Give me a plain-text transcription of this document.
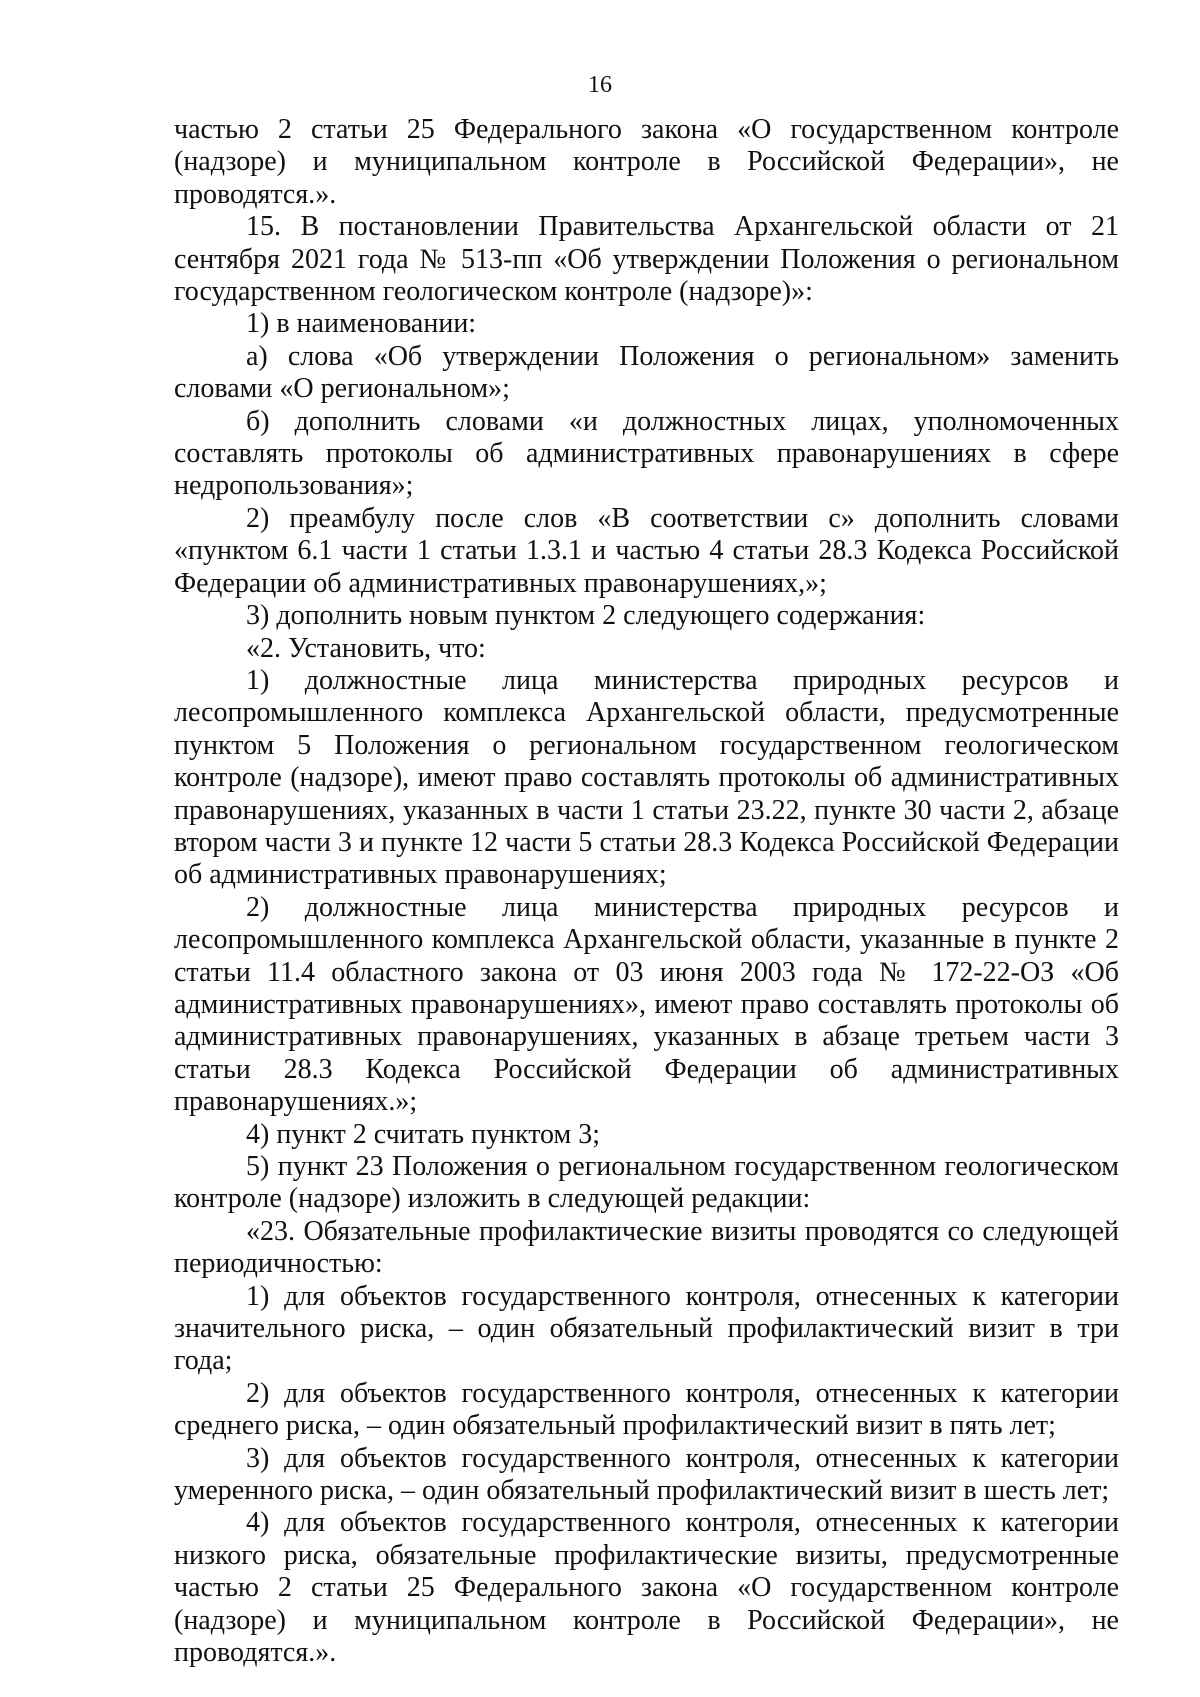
16

частью 2 статьи 25 Федерального закона «О государственном контроле (надзоре) и муниципальном контроле в Российской Федерации», не проводятся.».

15. В постановлении Правительства Архангельской области от 21 сентября 2021 года № 513-пп «Об утверждении Положения о региональном государственном геологическом контроле (надзоре)»:

1) в наименовании:

а) слова «Об утверждении Положения о региональном» заменить словами «О региональном»;

б) дополнить словами «и должностных лицах, уполномоченных составлять протоколы об административных правонарушениях в сфере недропользования»;

2) преамбулу после слов «В соответствии с» дополнить словами «пунктом 6.1 части 1 статьи 1.3.1 и частью 4 статьи 28.3 Кодекса Российской Федерации об административных правонарушениях,»;

3) дополнить новым пунктом 2 следующего содержания:

«2. Установить, что:

1) должностные лица министерства природных ресурсов и лесопромышленного комплекса Архангельской области, предусмотренные пунктом 5 Положения о региональном государственном геологическом контроле (надзоре), имеют право составлять протоколы об административных правонарушениях, указанных в части 1 статьи 23.22, пункте 30 части 2, абзаце втором части 3 и пункте 12 части 5 статьи 28.3 Кодекса Российской Федерации об административных правонарушениях;

2) должностные лица министерства природных ресурсов и лесопромышленного комплекса Архангельской области, указанные в пункте 2 статьи 11.4 областного закона от 03 июня 2003 года № 172-22-ОЗ «Об административных правонарушениях», имеют право составлять протоколы об административных правонарушениях, указанных в абзаце третьем части 3 статьи 28.3 Кодекса Российской Федерации об административных правонарушениях.»;

4) пункт 2 считать пунктом 3;

5) пункт 23 Положения о региональном государственном геологическом контроле (надзоре) изложить в следующей редакции:

«23. Обязательные профилактические визиты проводятся со следующей периодичностью:

1) для объектов государственного контроля, отнесенных к категории значительного риска, – один обязательный профилактический визит в три года;

2) для объектов государственного контроля, отнесенных к категории среднего риска, – один обязательный профилактический визит в пять лет;

3) для объектов государственного контроля, отнесенных к категории умеренного риска, – один обязательный профилактический визит в шесть лет;

4) для объектов государственного контроля, отнесенных к категории низкого риска, обязательные профилактические визиты, предусмотренные частью 2 статьи 25 Федерального закона «О государственном контроле (надзоре) и муниципальном контроле в Российской Федерации», не проводятся.».
